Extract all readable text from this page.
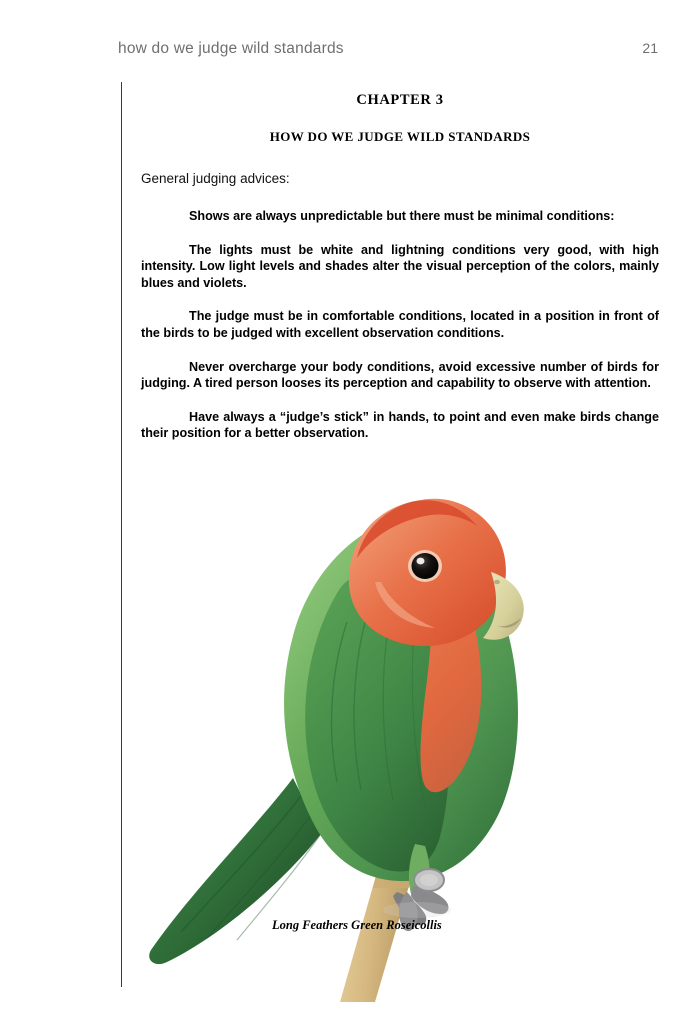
how do we judge wild standards	21
CHAPTER 3
HOW DO WE JUDGE WILD STANDARDS

General judging advices:

Shows are always unpredictable but there must be minimal conditions:

The lights must be white and lightning conditions very good, with high intensity. Low light levels and shades alter the visual perception of the colors, mainly blues and violets.

The judge must be in comfortable conditions, located in a position in front of the birds to be judged with excellent observation conditions.

Never overcharge your body conditions, avoid excessive number of birds for judging. A tired person looses its perception and capability to observe with attention.

Have always a “judge’s stick” in hands, to point and even make birds change their position for a better observation.

Long Feathers Green Roseicollis
